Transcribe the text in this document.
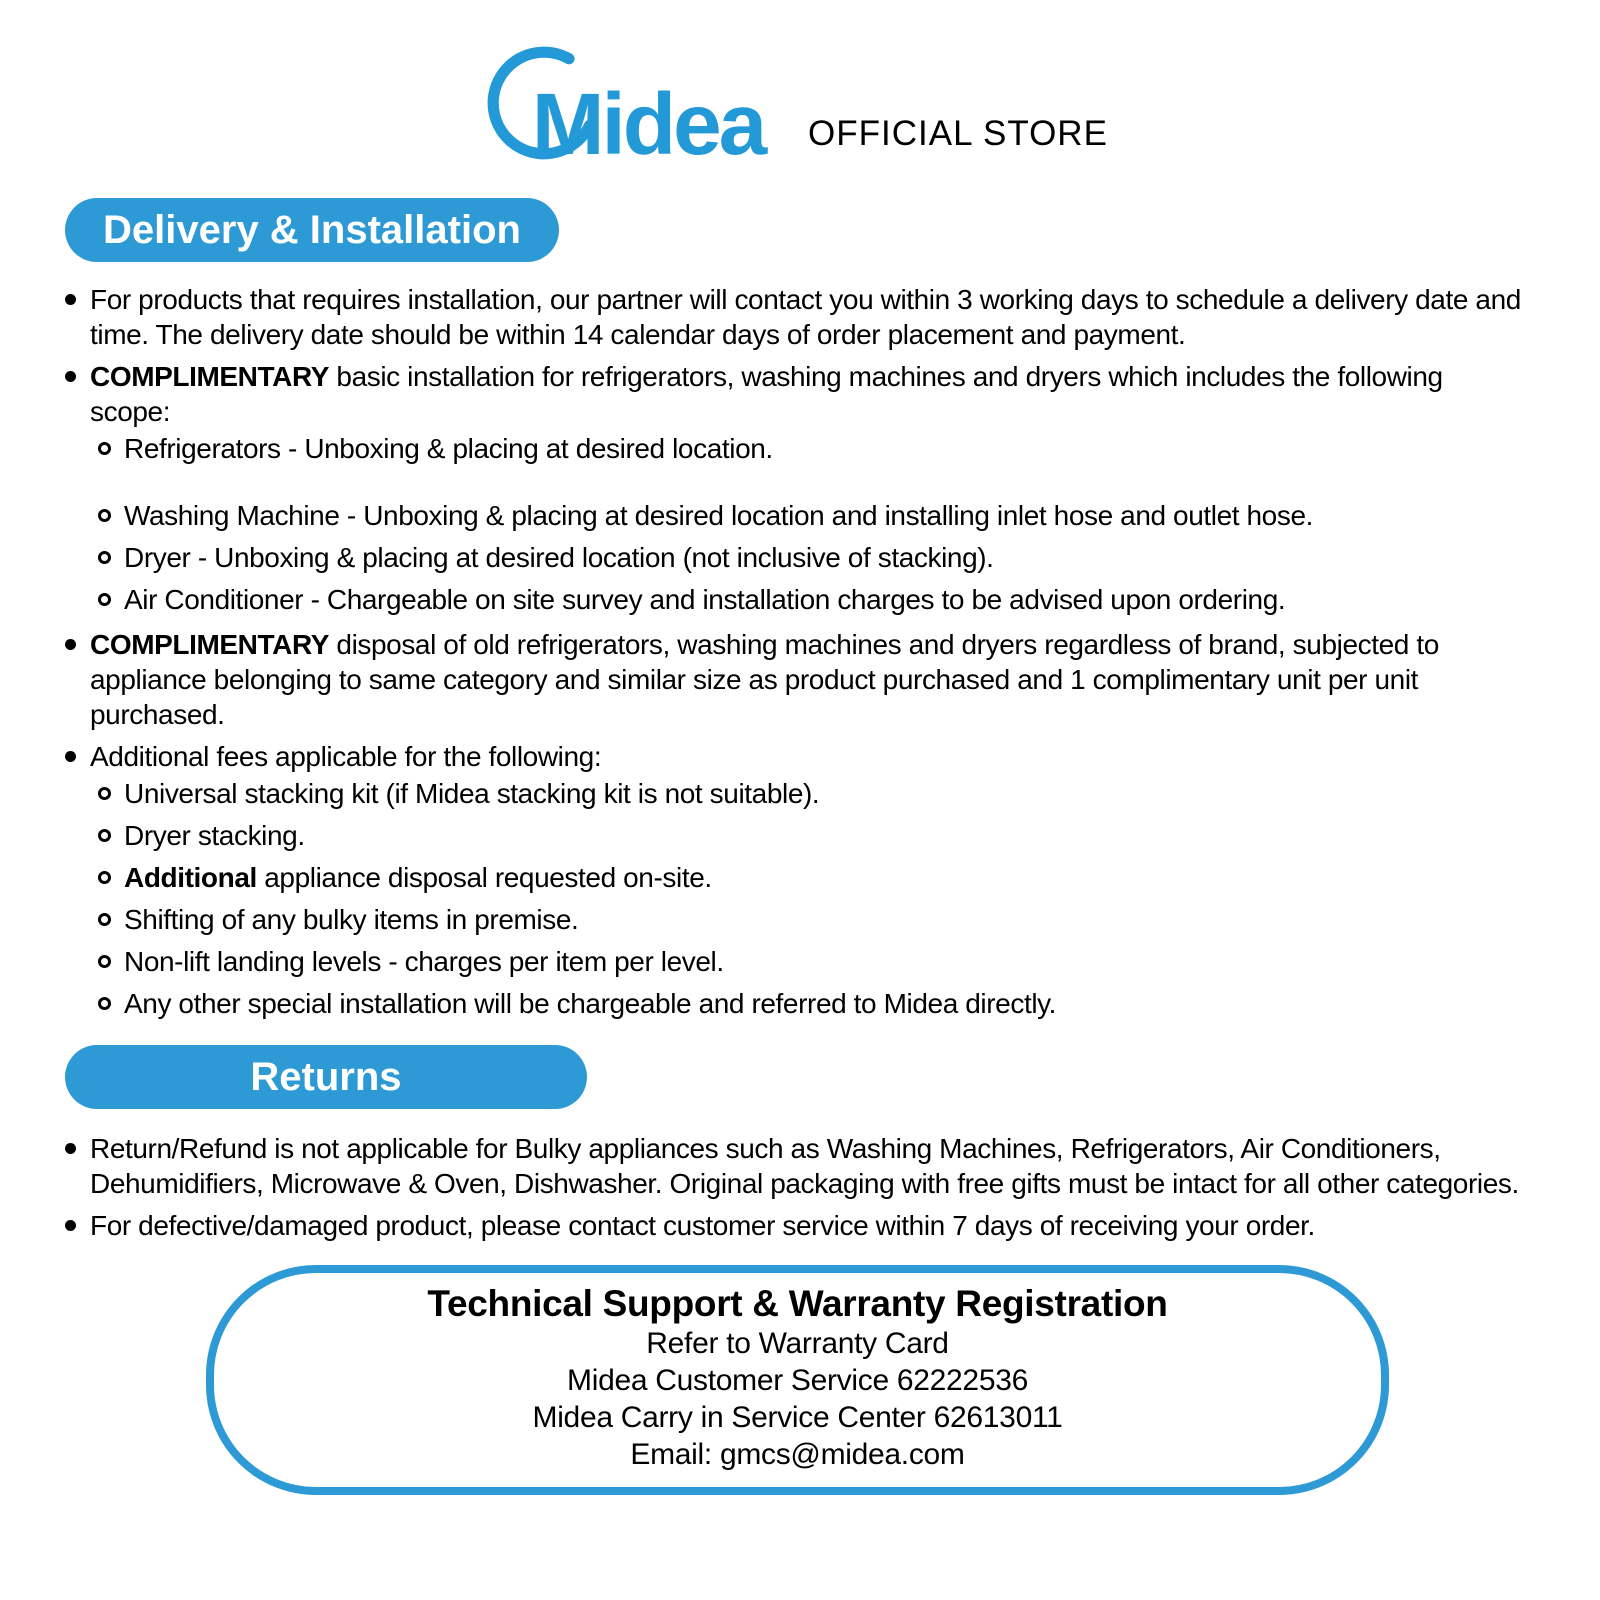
Midea OFFICIAL STORE
Delivery & Installation
For products that requires installation, our partner will contact you within 3 working days to schedule a delivery date and time. The delivery date should be within 14 calendar days of order placement and payment.
COMPLIMENTARY basic installation for refrigerators, washing machines and dryers which includes the following scope:
Refrigerators - Unboxing & placing at desired location.
Washing Machine - Unboxing & placing at desired location and installing inlet hose and outlet hose.
Dryer - Unboxing & placing at desired location (not inclusive of stacking).
Air Conditioner - Chargeable on site survey and installation charges to be advised upon ordering.
COMPLIMENTARY disposal of old refrigerators, washing machines and dryers regardless of brand, subjected to appliance belonging to same category and similar size as product purchased and 1 complimentary unit per unit purchased.
Additional fees applicable for the following:
Universal stacking kit (if Midea stacking kit is not suitable).
Dryer stacking.
Additional appliance disposal requested on-site.
Shifting of any bulky items in premise.
Non-lift landing levels - charges per item per level.
Any other special installation will be chargeable and referred to Midea directly.
Returns
Return/Refund is not applicable for Bulky appliances such as Washing Machines, Refrigerators, Air Conditioners, Dehumidifiers, Microwave & Oven, Dishwasher. Original packaging with free gifts must be intact for all other categories.
For defective/damaged product, please contact customer service within 7 days of receiving your order.
Technical Support & Warranty Registration
Refer to Warranty Card
Midea Customer Service 62222536
Midea Carry in Service Center 62613011
Email: gmcs@midea.com
